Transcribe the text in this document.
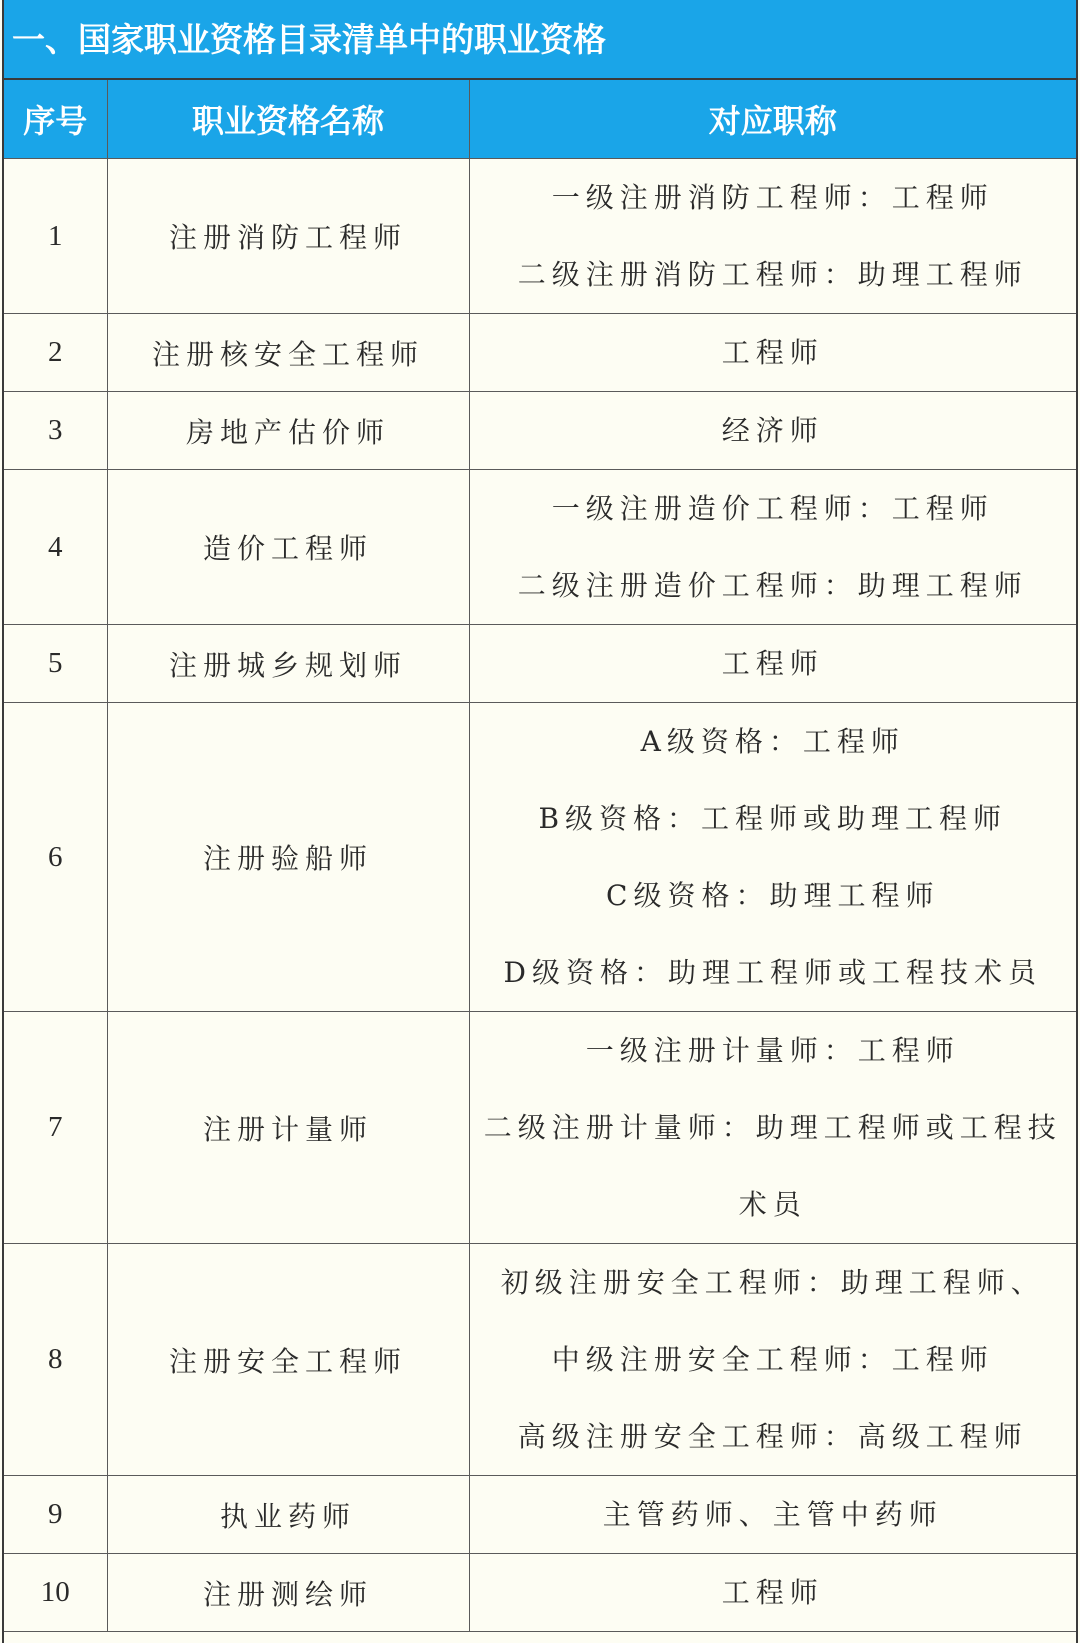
一、国家职业资格目录清单中的职业资格
序号	职业资格名称	对应职称
1	注册消防工程师	一级注册消防工程师：工程师
二级注册消防工程师：助理工程师

2	注册核安全工程师	工程师

3	房地产估价师	经济师

4	造价工程师	一级注册造价工程师：工程师
二级注册造价工程师：助理工程师

5	注册城乡规划师	工程师

6	注册验船师	A级资格：工程师
B级资格：工程师或助理工程师
C级资格：助理工程师
D级资格：助理工程师或工程技术员

7	注册计量师	一级注册计量师：工程师
二级注册计量师：助理工程师或工程技术员

8	注册安全工程师	初级注册安全工程师：助理工程师、
中级注册安全工程师：工程师
高级注册安全工程师：高级工程师

9	执业药师	主管药师、主管中药师

10	注册测绘师	工程师
